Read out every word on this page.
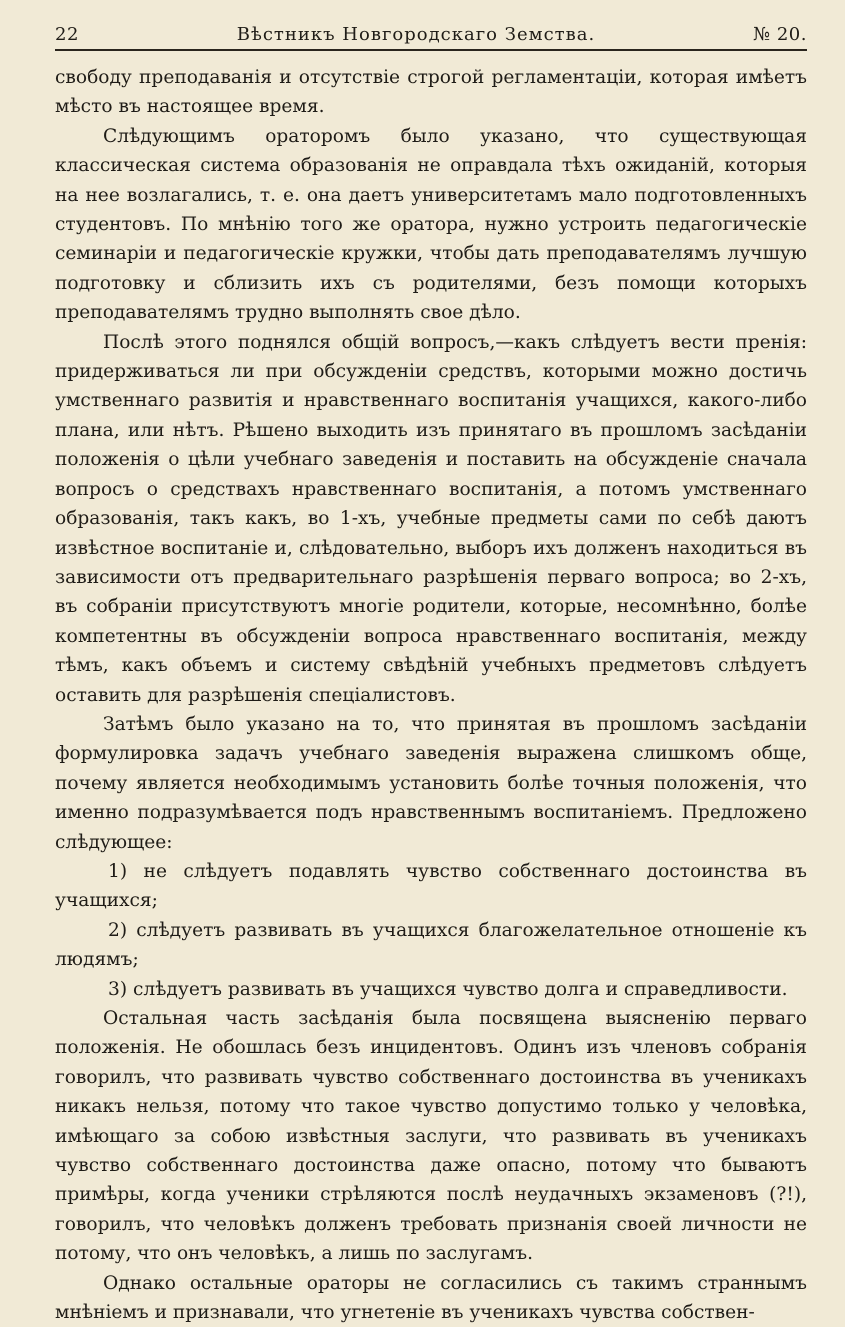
22	Вѣстникъ Новгородскаго Земства.	№ 20.

свободу преподаванія и отсутствіе строгой регламентаціи, которая имѣетъ мѣсто въ настоящее время.

Слѣдующимъ ораторомъ было указано, что существующая классическая система образованія не оправдала тѣхъ ожиданій, которыя на нее возлагались, т. е. она даетъ университетамъ мало подготовленныхъ студентовъ. По мнѣнію того же оратора, нужно устроить педагогическіе семинаріи и педагогическіе кружки, чтобы дать преподавателямъ лучшую подготовку и сблизить ихъ съ родителями, безъ помощи которыхъ преподавателямъ трудно выполнять свое дѣло.

Послѣ этого поднялся общій вопросъ,—какъ слѣдуетъ вести пренія: придерживаться ли при обсужденіи средствъ, которыми можно достичь умственнаго развитія и нравственнаго воспитанія учащихся, какого-либо плана, или нѣтъ. Рѣшено выходить изъ принятаго въ прошломъ засѣданіи положенія о цѣли учебнаго заведенія и поставить на обсужденіе сначала вопросъ о средствахъ нравственнаго воспитанія, а потомъ умственнаго образованія, такъ какъ, во 1-хъ, учебные предметы сами по себѣ даютъ извѣстное воспитаніе и, слѣдовательно, выборъ ихъ долженъ находиться въ зависимости отъ предварительнаго разрѣшенія перваго вопроса; во 2-хъ, въ собраніи присутствуютъ многіе родители, которые, несомнѣнно, болѣе компетентны въ обсужденіи вопроса нравственнаго воспитанія, между тѣмъ, какъ объемъ и систему свѣдѣній учебныхъ предметовъ слѣдуетъ оставить для разрѣшенія спеціалистовъ.

Затѣмъ было указано на то, что принятая въ прошломъ засѣданіи формулировка задачъ учебнаго заведенія выражена слишкомъ обще, почему является необходимымъ установить болѣе точныя положенія, что именно подразумѣвается подъ нравственнымъ воспитаніемъ. Предложено слѣдующее:

1) не слѣдуетъ подавлять чувство собственнаго достоинства въ учащихся;

2) слѣдуетъ развивать въ учащихся благожелательное отношеніе къ людямъ;

3) слѣдуетъ развивать въ учащихся чувство долга и справедливости.

Остальная часть засѣданія была посвящена выясненію перваго положенія. Не обошлась безъ инцидентовъ. Одинъ изъ членовъ собранія говорилъ, что развивать чувство собственнаго достоинства въ ученикахъ никакъ нельзя, потому что такое чувство допустимо только у человѣка, имѣющаго за собою извѣстныя заслуги, что развивать въ ученикахъ чувство собственнаго достоинства даже опасно, потому что бываютъ примѣры, когда ученики стрѣляются послѣ неудачныхъ экзаменовъ (?!), говорилъ, что человѣкъ долженъ требовать признанія своей личности не потому, что онъ человѣкъ, а лишь по заслугамъ.

Однако остальные ораторы не согласились съ такимъ страннымъ мнѣніемъ и признавали, что угнетеніе въ ученикахъ чувства собствен-
